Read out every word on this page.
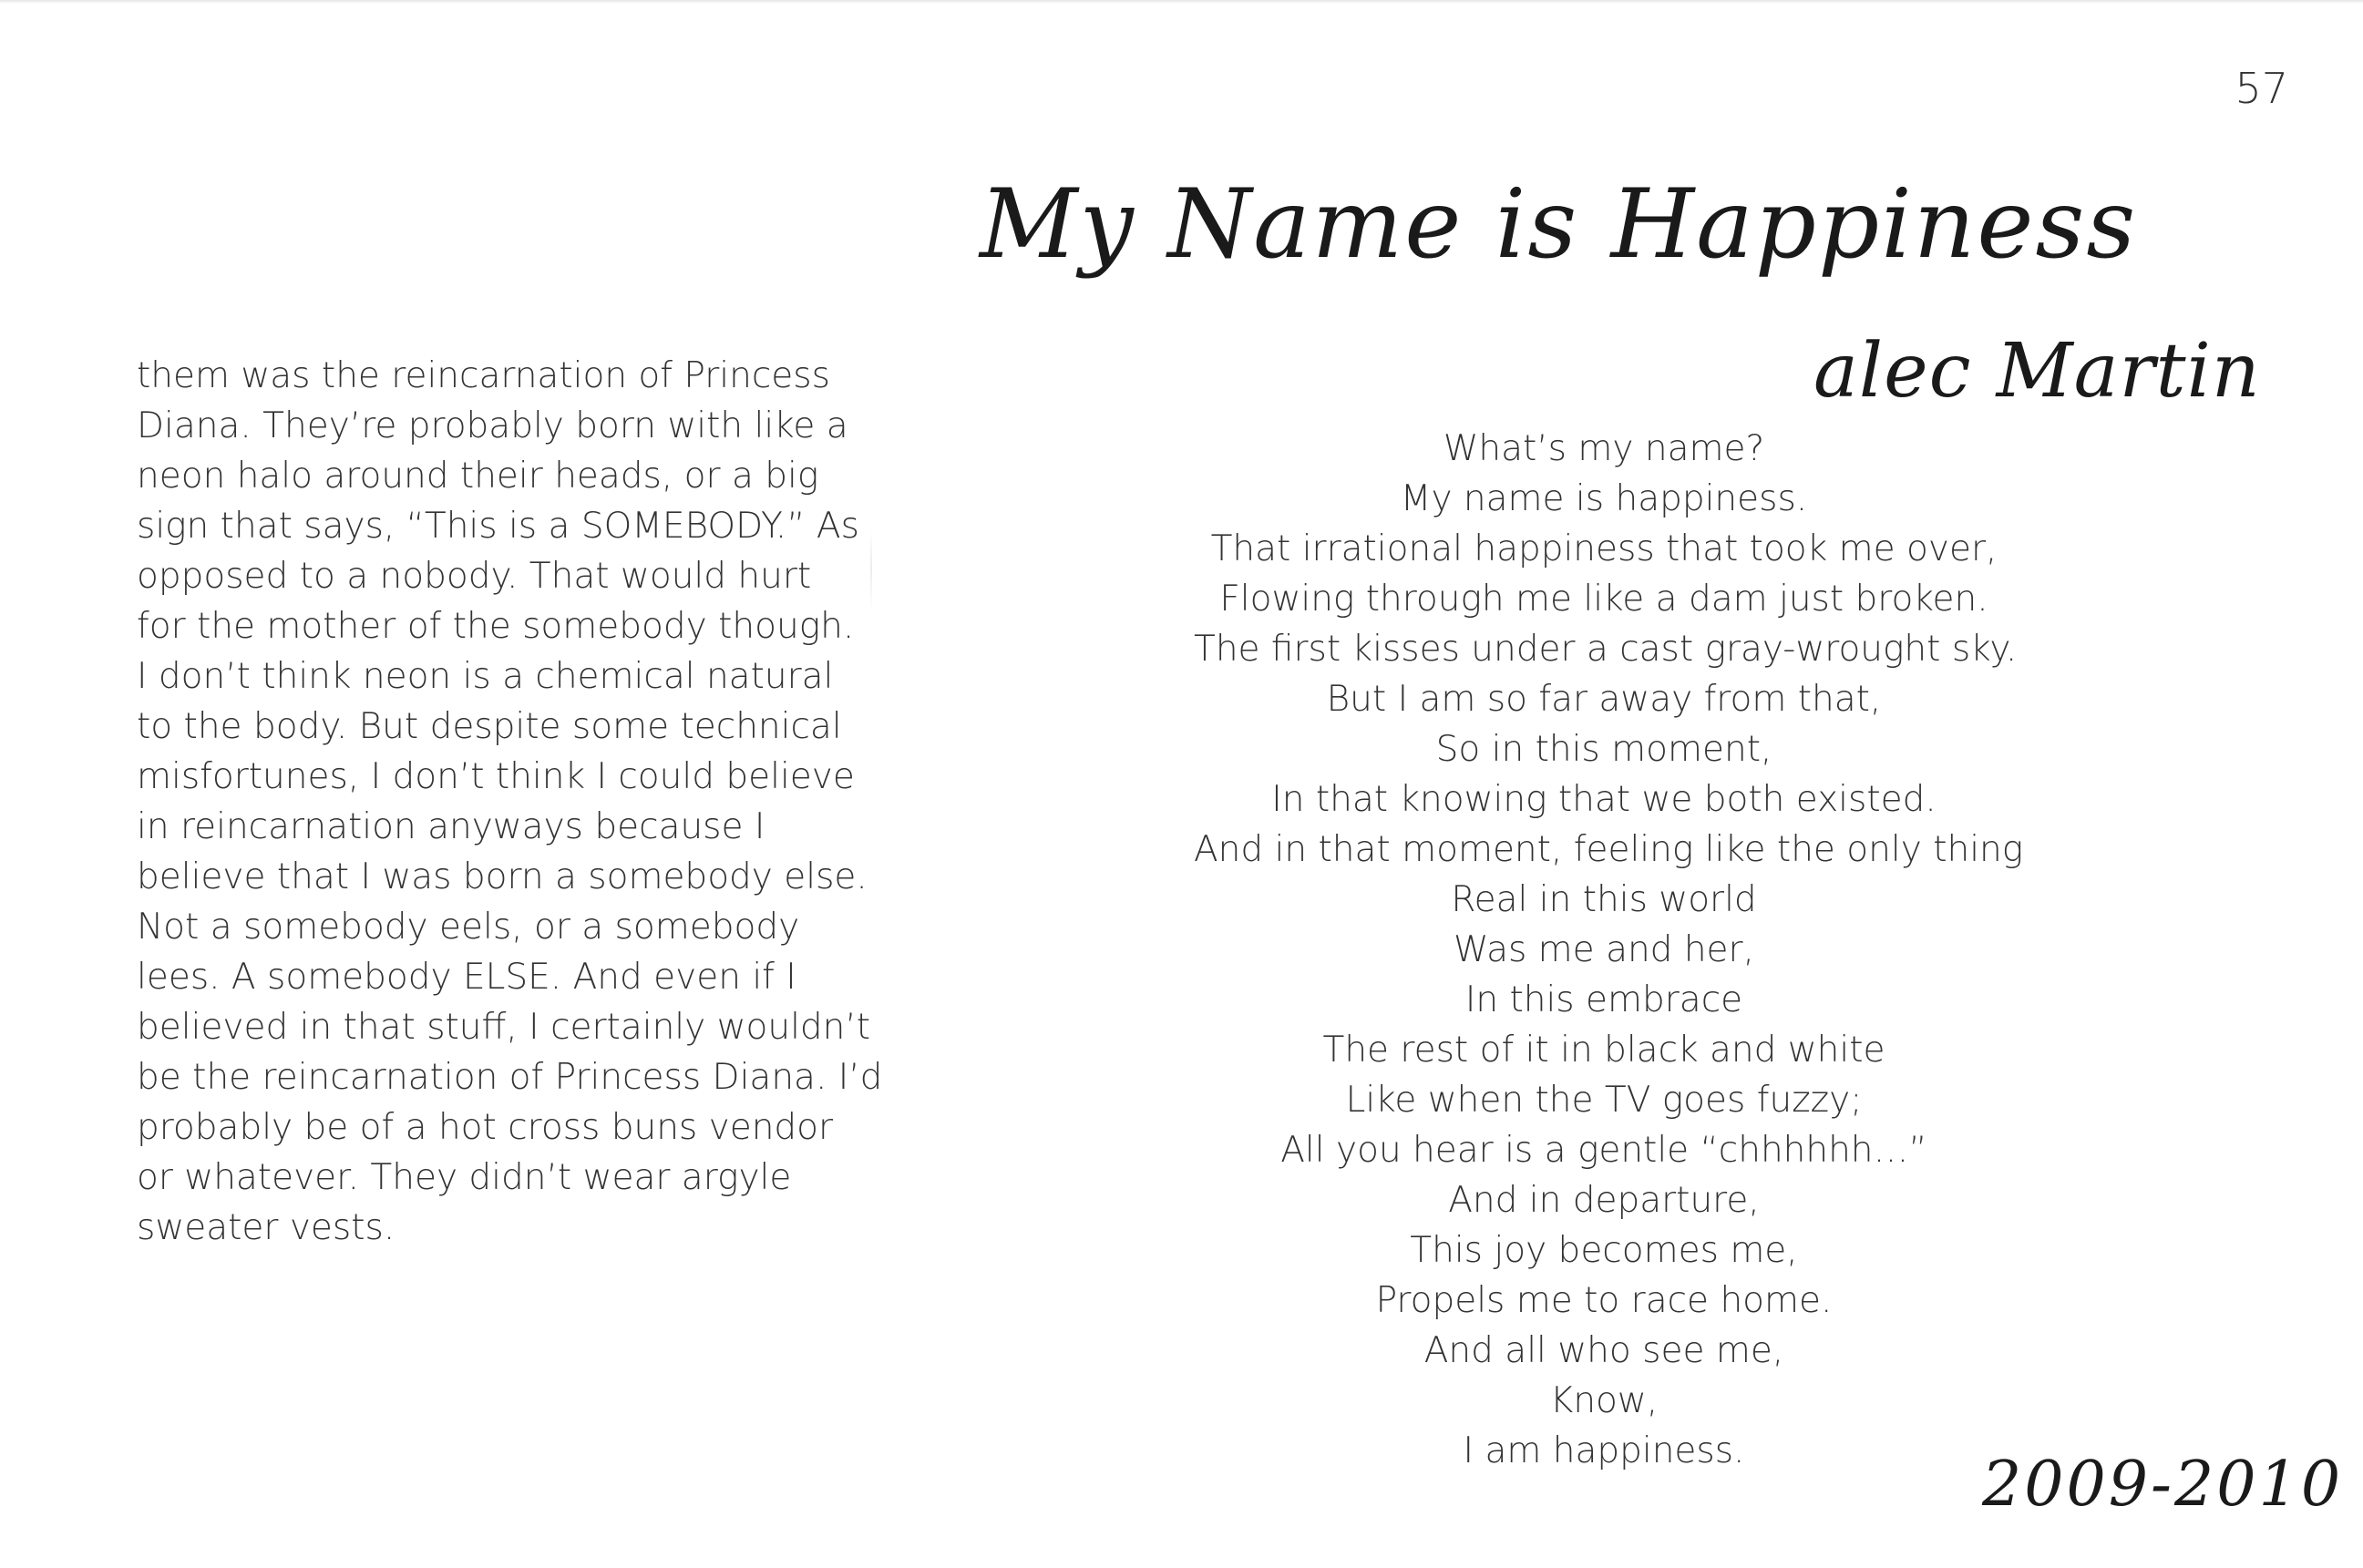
57
them was the reincarnation of Princess
Diana. They’re probably born with like a
neon halo around their heads, or a big
sign that says, “This is a SOMEBODY.” As
opposed to a nobody. That would hurt
for the mother of the somebody though.
I don’t think neon is a chemical natural
to the body. But despite some technical
misfortunes, I don’t think I could believe
in reincarnation anyways because I
believe that I was born a somebody else.
Not a somebody eels, or a somebody
lees. A somebody ELSE. And even if I
believed in that stuff, I certainly wouldn’t
be the reincarnation of Princess Diana. I’d
probably be of a hot cross buns vendor
or whatever. They didn’t wear argyle
sweater vests.
My Name is Happiness
alec Martin
What’s my name?
My name is happiness.
That irrational happiness that took me over,
Flowing through me like a dam just broken.
The first kisses under a cast gray-wrought sky.
But I am so far away from that,
So in this moment,
In that knowing that we both existed.
And in that moment, feeling like the only thing
Real in this world
Was me and her,
In this embrace
The rest of it in black and white
Like when the TV goes fuzzy;
All you hear is a gentle “chhhhhh…”
And in departure,
This joy becomes me,
Propels me to race home.
And all who see me,
Know,
I am happiness.	2009-2010
